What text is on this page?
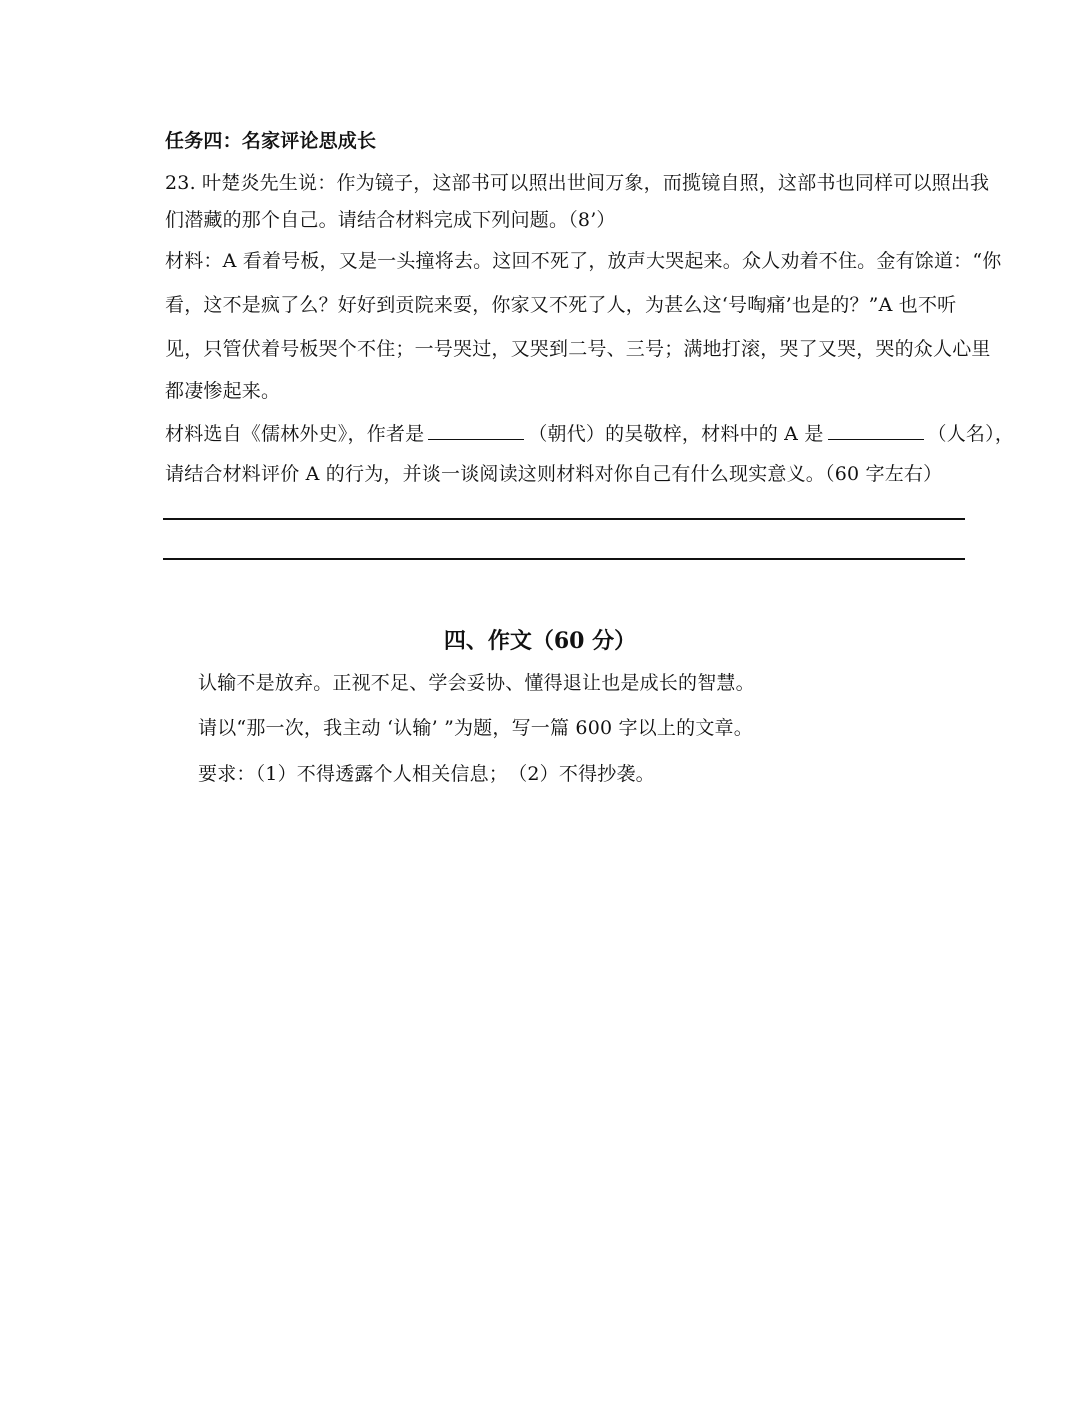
任务四：名家评论思成长
23. 叶楚炎先生说：作为镜子，这部书可以照出世间万象，而揽镜自照，这部书也同样可以照出我
们潜藏的那个自己。请结合材料完成下列问题。（8’）
材料：A 看着号板，又是一头撞将去。这回不死了，放声大哭起来。众人劝着不住。金有馀道：“你
看，这不是疯了么？好好到贡院来耍，你家又不死了人，为甚么这‘号啕痛’也是的？”A 也不听
见，只管伏着号板哭个不住；一号哭过，又哭到二号、三号；满地打滚，哭了又哭，哭的众人心里
都凄惨起来。
材料选自《儒林外史》，作者是	（朝代）的吴敬梓，材料中的 A 是	（人名），
请结合材料评价 A 的行为，并谈一谈阅读这则材料对你自己有什么现实意义。（60 字左右）
四、作文（60 分）
认输不是放弃。正视不足、学会妥协、懂得退让也是成长的智慧。
请以“那一次，我主动 ‘认输’ ”为题，写一篇 600 字以上的文章。
要求：（1）不得透露个人相关信息；　（2）不得抄袭。
